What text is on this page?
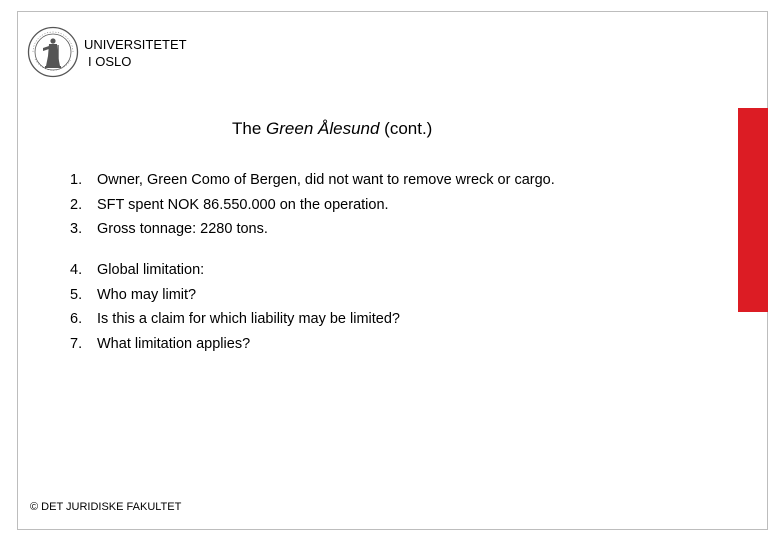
UNIVERSITETET
I OSLO
The Green Ålesund (cont.)
1.	Owner, Green Como of Bergen, did not want to remove wreck or cargo.
2.	SFT spent NOK 86.550.000 on the operation.
3.	Gross tonnage: 2280 tons.
4.	Global limitation:
5.	Who may limit?
6.	Is this a claim for which liability may be limited?
7.	What limitation applies?
© DET JURIDISKE FAKULTET
